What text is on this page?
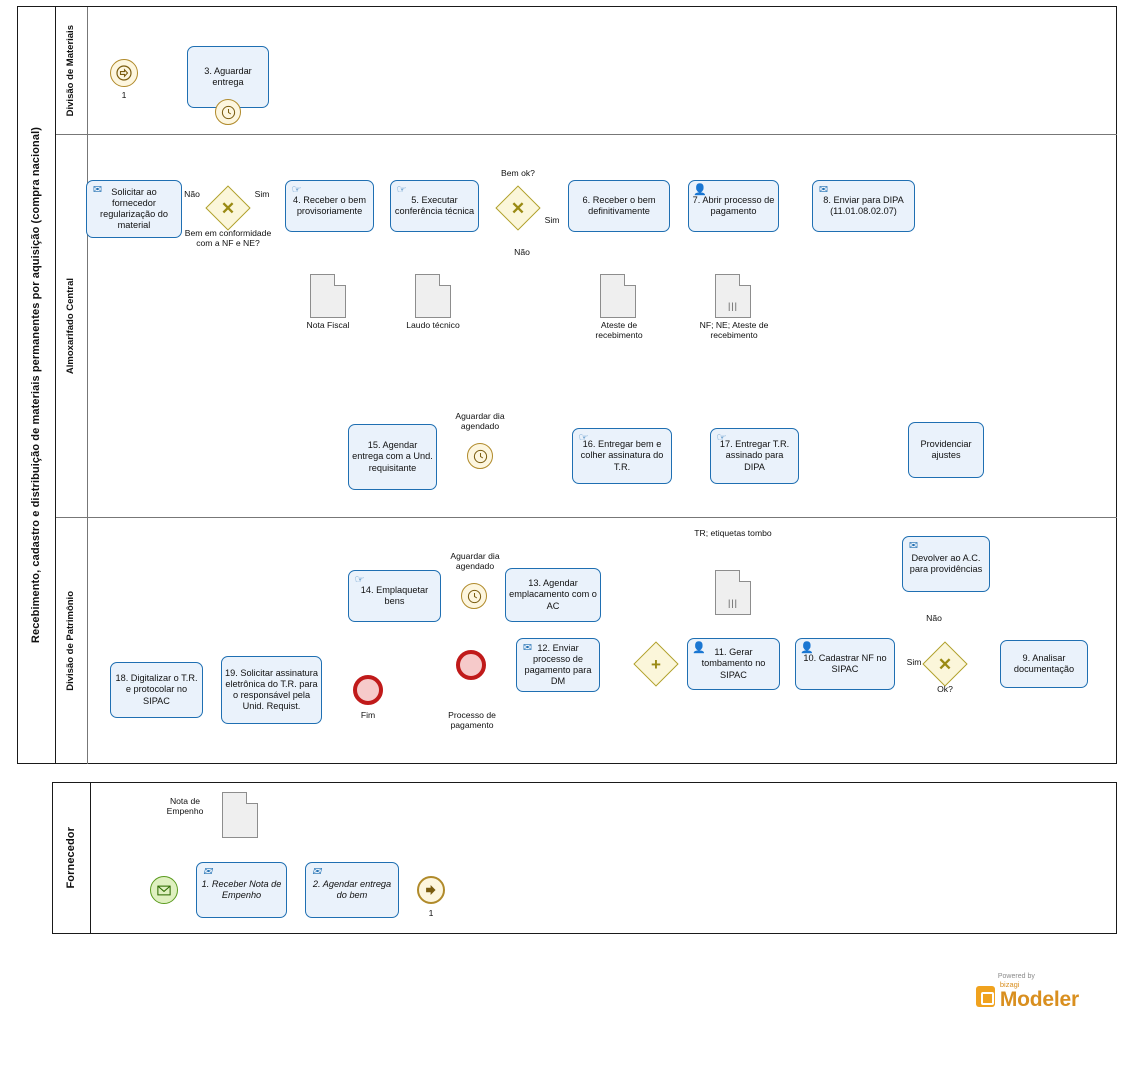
Recebimento, cadastro e distribuição de materiais permanentes por aquisição (compra nacional)
Divisão de Materiais
Almoxarifado Central
Divisão de Patrimônio
Fornecedor
1
3. Aguardar entrega
✉ Solicitar ao fornecedor regularização do material
✕
Bem em conformidade com a NF e NE?
Não	Sim	☞
4. Receber o bem provisoriamente
☞
5. Executar conferência técnica	✕
Bem ok?
Sim
Não
6. Receber o bem definitivamente
👤
7. Abrir processo de pagamento
✉
8. Enviar para DIPA (11.01.08.02.07)
Nota Fiscal	Laudo técnico	Ateste de recebimento
|||
NF; NE; Ateste de recebimento
Providenciar ajustes
15. Agendar entrega com a Und. requisitante
Aguardar dia agendado
☞
16. Entregar bem e colher assinatura do T.R.
☞
17. Entregar T.R. assinado para DIPA
✉
Devolver ao A.C. para providências
9. Analisar documentação
✕
Ok?
Não
Sim
👤
10. Cadastrar NF no SIPAC
👤 11. Gerar tombamento no SIPAC
|||
TR; etiquetas tombo
+
✉ 12. Enviar processo de pagamento para DM
Processo de pagamento
13. Agendar emplacamento com o AC
Aguardar dia agendado
☞
14. Emplaquetar bens
18. Digitalizar o T.R. e protocolar no SIPAC
19. Solicitar assinatura eletrônica do T.R. para o responsável pela Unid. Requist.
Fim
Nota de Empenho
✉
1. Receber Nota de Empenho
✉
2. Agendar entrega do bem
1
Powered by
bizagi
Modeler
